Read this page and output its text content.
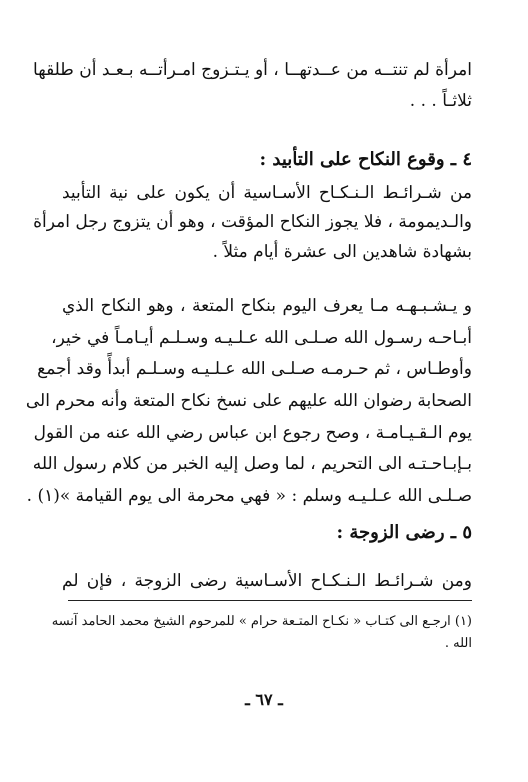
امرأة لم تنتــه من عــدتهــا ، أو يـتـزوج امـرأتــه بـعـد أن طلقها
ثلاثـاً . . .
٤ ـ وقوع النكاح على التأبيد :
من شـرائـط الـنـكـاح الأسـاسية أن يكون على نية التأبيد
والـديمومة ، فلا يجوز النكاح المؤقت ، وهو أن يتزوج رجل امرأة
بشهادة شاهدين الى عشرة أيام مثلاً .
و يـشـبـهـه مـا يعرف اليوم بنكاح المتعة ، وهو النكاح الذي
أبـاحـه رسـول الله صـلـى الله عـلـيـه وسـلـم أيـامـاً في خير،
وأوطـاس ، ثم حـرمـه صـلـى الله عـلـيـه وسـلـم أبدأً وقد أجمع
الصحابة رضوان الله عليهم على نسخ نكاح المتعة وأنه محرم الى
يوم الـقـيـامـة ، وصح رجوع ابن عباس رضي الله عنه من القول
بـإبـاحـتـه الى التحريم ، لما وصل إليه الخبر من كلام رسول الله
صـلـى الله عـلـيـه وسلم : « فهي محرمة الى يوم القيامة »(١) .
٥ ـ رضى الزوجة :
ومن شـرائـط الـنـكـاح الأسـاسية رضى الزوجة ، فإن لم
(١) ارجـع الى كتـاب « نكـاح المتـعة حرام » للمرحوم الشيخ محمد الحامد آنسه
الله .
ـ ٦٧ ـ
